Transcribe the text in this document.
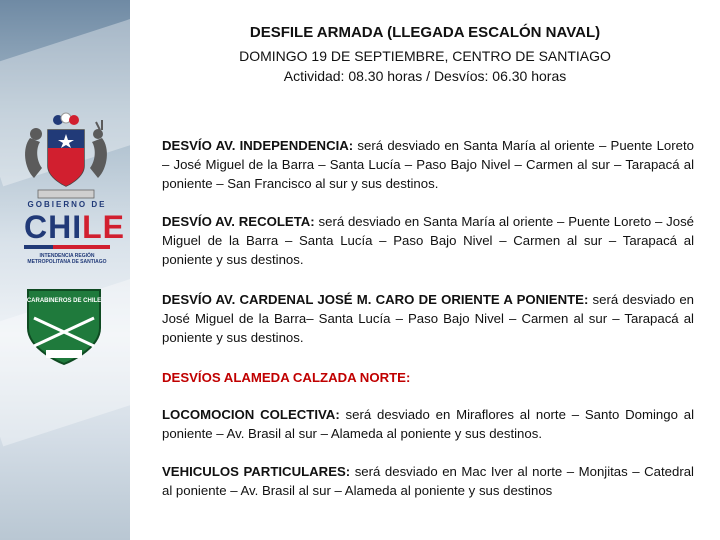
GOBIERNO DE
CHILE
INTENDENCIA REGIÓN METROPOLITANA DE SANTIAGO
CARABINEROS DE CHILE
DESFILE ARMADA (LLEGADA ESCALÓN NAVAL)
DOMINGO 19 DE SEPTIEMBRE, CENTRO DE SANTIAGO
Actividad: 08.30 horas / Desvíos: 06.30 horas
DESVÍO AV. INDEPENDENCIA: será desviado en Santa María al oriente – Puente Loreto – José Miguel de la Barra – Santa Lucía – Paso Bajo Nivel – Carmen al sur – Tarapacá al poniente – San Francisco al sur y sus destinos.
DESVÍO AV. RECOLETA: será desviado en Santa María al oriente – Puente Loreto – José Miguel de la Barra – Santa Lucía – Paso Bajo Nivel – Carmen al sur – Tarapacá al poniente y sus destinos.
DESVÍO AV. CARDENAL JOSÉ M. CARO DE ORIENTE A PONIENTE: será desviado en José Miguel de la Barra– Santa Lucía – Paso Bajo Nivel – Carmen al sur – Tarapacá al poniente y sus destinos.
DESVÍOS ALAMEDA CALZADA NORTE:
LOCOMOCION COLECTIVA: será desviado en Miraflores al norte – Santo Domingo al poniente – Av. Brasil al sur – Alameda al poniente y sus destinos.
VEHICULOS PARTICULARES: será desviado en Mac Iver al norte – Monjitas – Catedral al poniente – Av. Brasil al sur – Alameda al poniente y sus destinos
